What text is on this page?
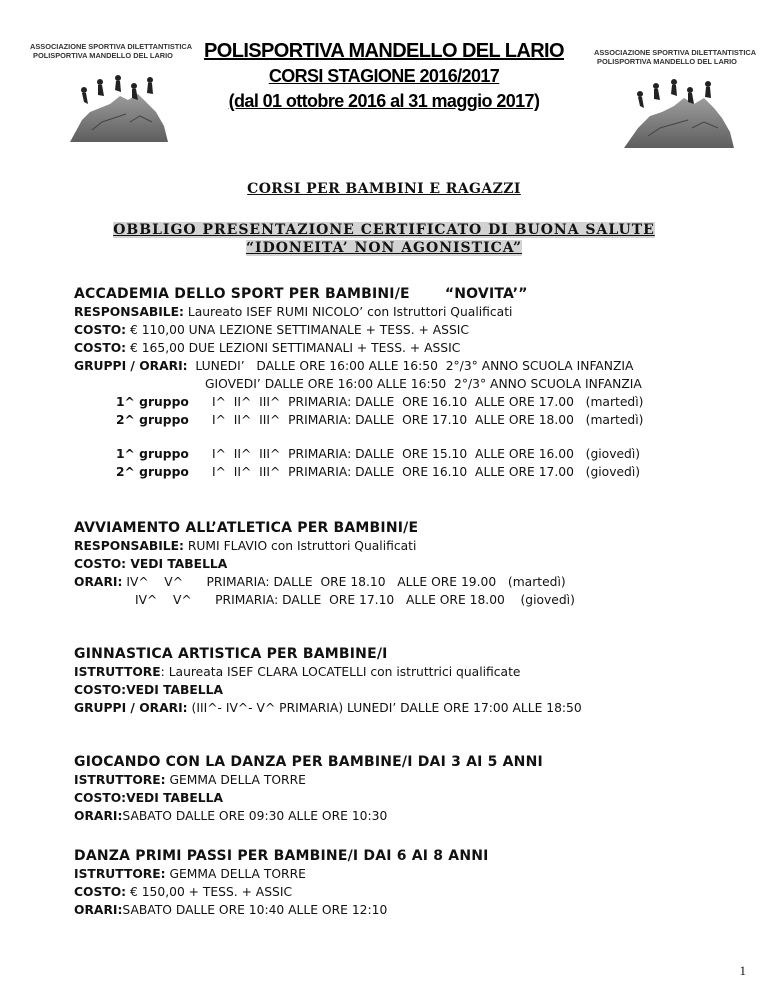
ASSOCIAZIONE SPORTIVA DILETTANTISTICA
POLISPORTIVA MANDELLO DEL LARIO	ASSOCIAZIONE SPORTIVA DILETTANTISTICA
POLISPORTIVA MANDELLO DEL LARIO
POLISPORTIVA MANDELLO DEL LARIO
CORSI STAGIONE 2016/2017
(dal 01 ottobre 2016 al 31 maggio 2017)
CORSI PER BAMBINI E RAGAZZI
OBBLIGO PRESENTAZIONE CERTIFICATO DI BUONA SALUTE
“IDONEITA’ NON AGONISTICA”
ACCADEMIA DELLO SPORT PER BAMBINI/E	“NOVITA’”
RESPONSABILE: Laureato ISEF RUMI NICOLO’ con Istruttori Qualificati
COSTO: € 110,00 UNA LEZIONE SETTIMANALE + TESS. + ASSIC
COSTO: € 165,00 DUE LEZIONI SETTIMANALI + TESS. + ASSIC
GRUPPI / ORARI:  LUNEDI’   DALLE ORE 16:00 ALLE 16:50  2°/3° ANNO SCUOLA INFANZIA
GIOVEDI’ DALLE ORE 16:00 ALLE 16:50  2°/3° ANNO SCUOLA INFANZIA
1^ gruppo I^  II^  III^  PRIMARIA: DALLE  ORE 16.10  ALLE ORE 17.00   (martedì)
2^ gruppo I^  II^  III^  PRIMARIA: DALLE  ORE 17.10  ALLE ORE 18.00   (martedì)
1^ gruppo I^  II^  III^  PRIMARIA: DALLE  ORE 15.10  ALLE ORE 16.00   (giovedì)
2^ gruppo I^  II^  III^  PRIMARIA: DALLE  ORE 16.10  ALLE ORE 17.00   (giovedì)
AVVIAMENTO ALL’ATLETICA PER BAMBINI/E
RESPONSABILE: RUMI FLAVIO con Istruttori Qualificati
COSTO: VEDI TABELLA
ORARI: IV^    V^      PRIMARIA: DALLE  ORE 18.10   ALLE ORE 19.00   (martedì)
IV^    V^      PRIMARIA: DALLE  ORE 17.10   ALLE ORE 18.00    (giovedì)
GINNASTICA ARTISTICA PER BAMBINE/I
ISTRUTTORE: Laureata ISEF CLARA LOCATELLI con istruttrici qualificate
COSTO:VEDI TABELLA
GRUPPI / ORARI: (III^- IV^- V^ PRIMARIA) LUNEDI’ DALLE ORE 17:00 ALLE 18:50
GIOCANDO CON LA DANZA PER BAMBINE/I DAI 3 AI 5 ANNI
ISTRUTTORE: GEMMA DELLA TORRE
COSTO:VEDI TABELLA
ORARI:SABATO DALLE ORE 09:30 ALLE ORE 10:30
DANZA PRIMI PASSI PER BAMBINE/I DAI 6 AI 8 ANNI
ISTRUTTORE: GEMMA DELLA TORRE
COSTO: € 150,00 + TESS. + ASSIC
ORARI:SABATO DALLE ORE 10:40 ALLE ORE 12:10
1
